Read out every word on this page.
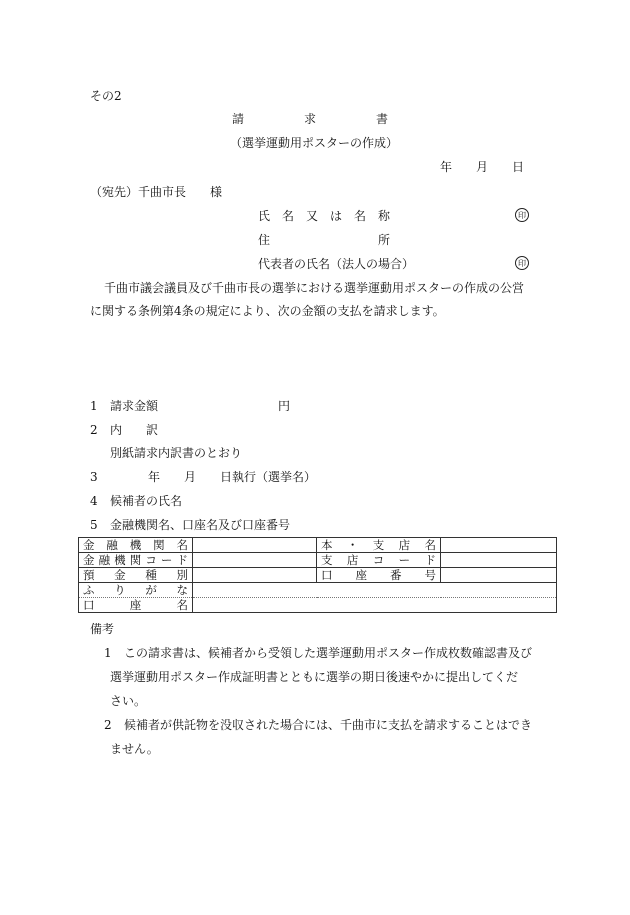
その2
請　　　　　求　　　　　書
（選挙運動用ポスターの作成）
年　　月　　日
（宛先）千曲市長　　様
氏　名　又　は　名　称	印
住　　　　　　　　　所
代表者の氏名（法人の場合）	印
千曲市議会議員及び千曲市長の選挙における選挙運動用ポスターの作成の公営
に関する条例第4条の規定により、次の金額の支払を請求します。
1 請求金額	円
2 内　　訳
別紙請求内訳書のとおり
3	年　　月　　日執行（選挙名）
4 候補者の氏名
5 金融機関名、口座名及び口座番号
金融機関名		本・支店名	
金融機関コード		支店コード	
預金種別		口座番号	
ふりがな			
口座名			
備考
1 この請求書は、候補者から受領した選挙運動用ポスター作成枚数確認書及び
選挙運動用ポスター作成証明書とともに選挙の期日後速やかに提出してくだ
さい。
2 候補者が供託物を没収された場合には、千曲市に支払を請求することはでき
ません。
